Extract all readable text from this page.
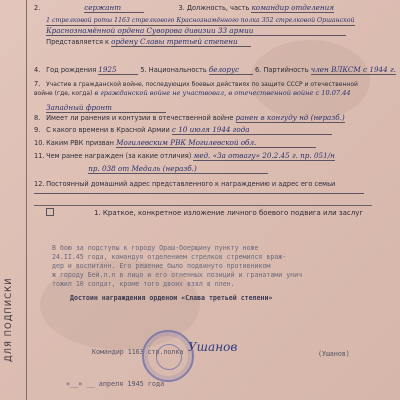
ДЛЯ ПОДПИСКИ
2.	сержант	3. Должность, часть командир отделения
1 стрелковой роты 1163 стрелкового Краснознамённого полка 352 стрелковой Оршанской
Краснознамённой ордена Суворова дивизии 33 армии
Представляется к ордену Славы третьей степени
4. Год рождения 1925	5. Национальность белорус 6. Партийность член ВЛКСМ с 1944 г.
7. Участие в гражданской войне, последующих боевых действиях по защите СССР и отечественной войне (где, когда) в гражданской войне не участвовал, в отечественной войне с 10.07.44
Западный фронт
8. Имеет ли ранения и контузии в отечественной войне ранен в конгуду нд (неразб.)
9. С какого времени в Красной Армии с 10 июля 1944 года
10. Каким РВК призван Могилевским РВК Могилевской обл.
11. Чем ранее награжден (за какие отличия) мед. «За отвагу» 20.2.45 г. пр. 051/н
пр. 038 от Медаль (неразб.)
12. Постоянный домашний адрес представленного к награждению и адрес его семьи
1. Краткое, конкретное изложение личного боевого подвига или заслуг
В бою за подступы к городу Ораш-Ооерщину пункту ноже
24.II.45 года, командуя отделением стрелков стремился враж-
дер и воспитанн. Его решение было подвинуто противником
ж городу Бей.п.п в лицо и его огненных позиций и гранатами унич
тожил 10 солдат, кроме того двоих взял в плен.
Достоин награждения орденом «Слава третьей степени»
Командир 1163 стр.полка	(Ушанов)
Ушанов
«__» __ апреля 1945 года
